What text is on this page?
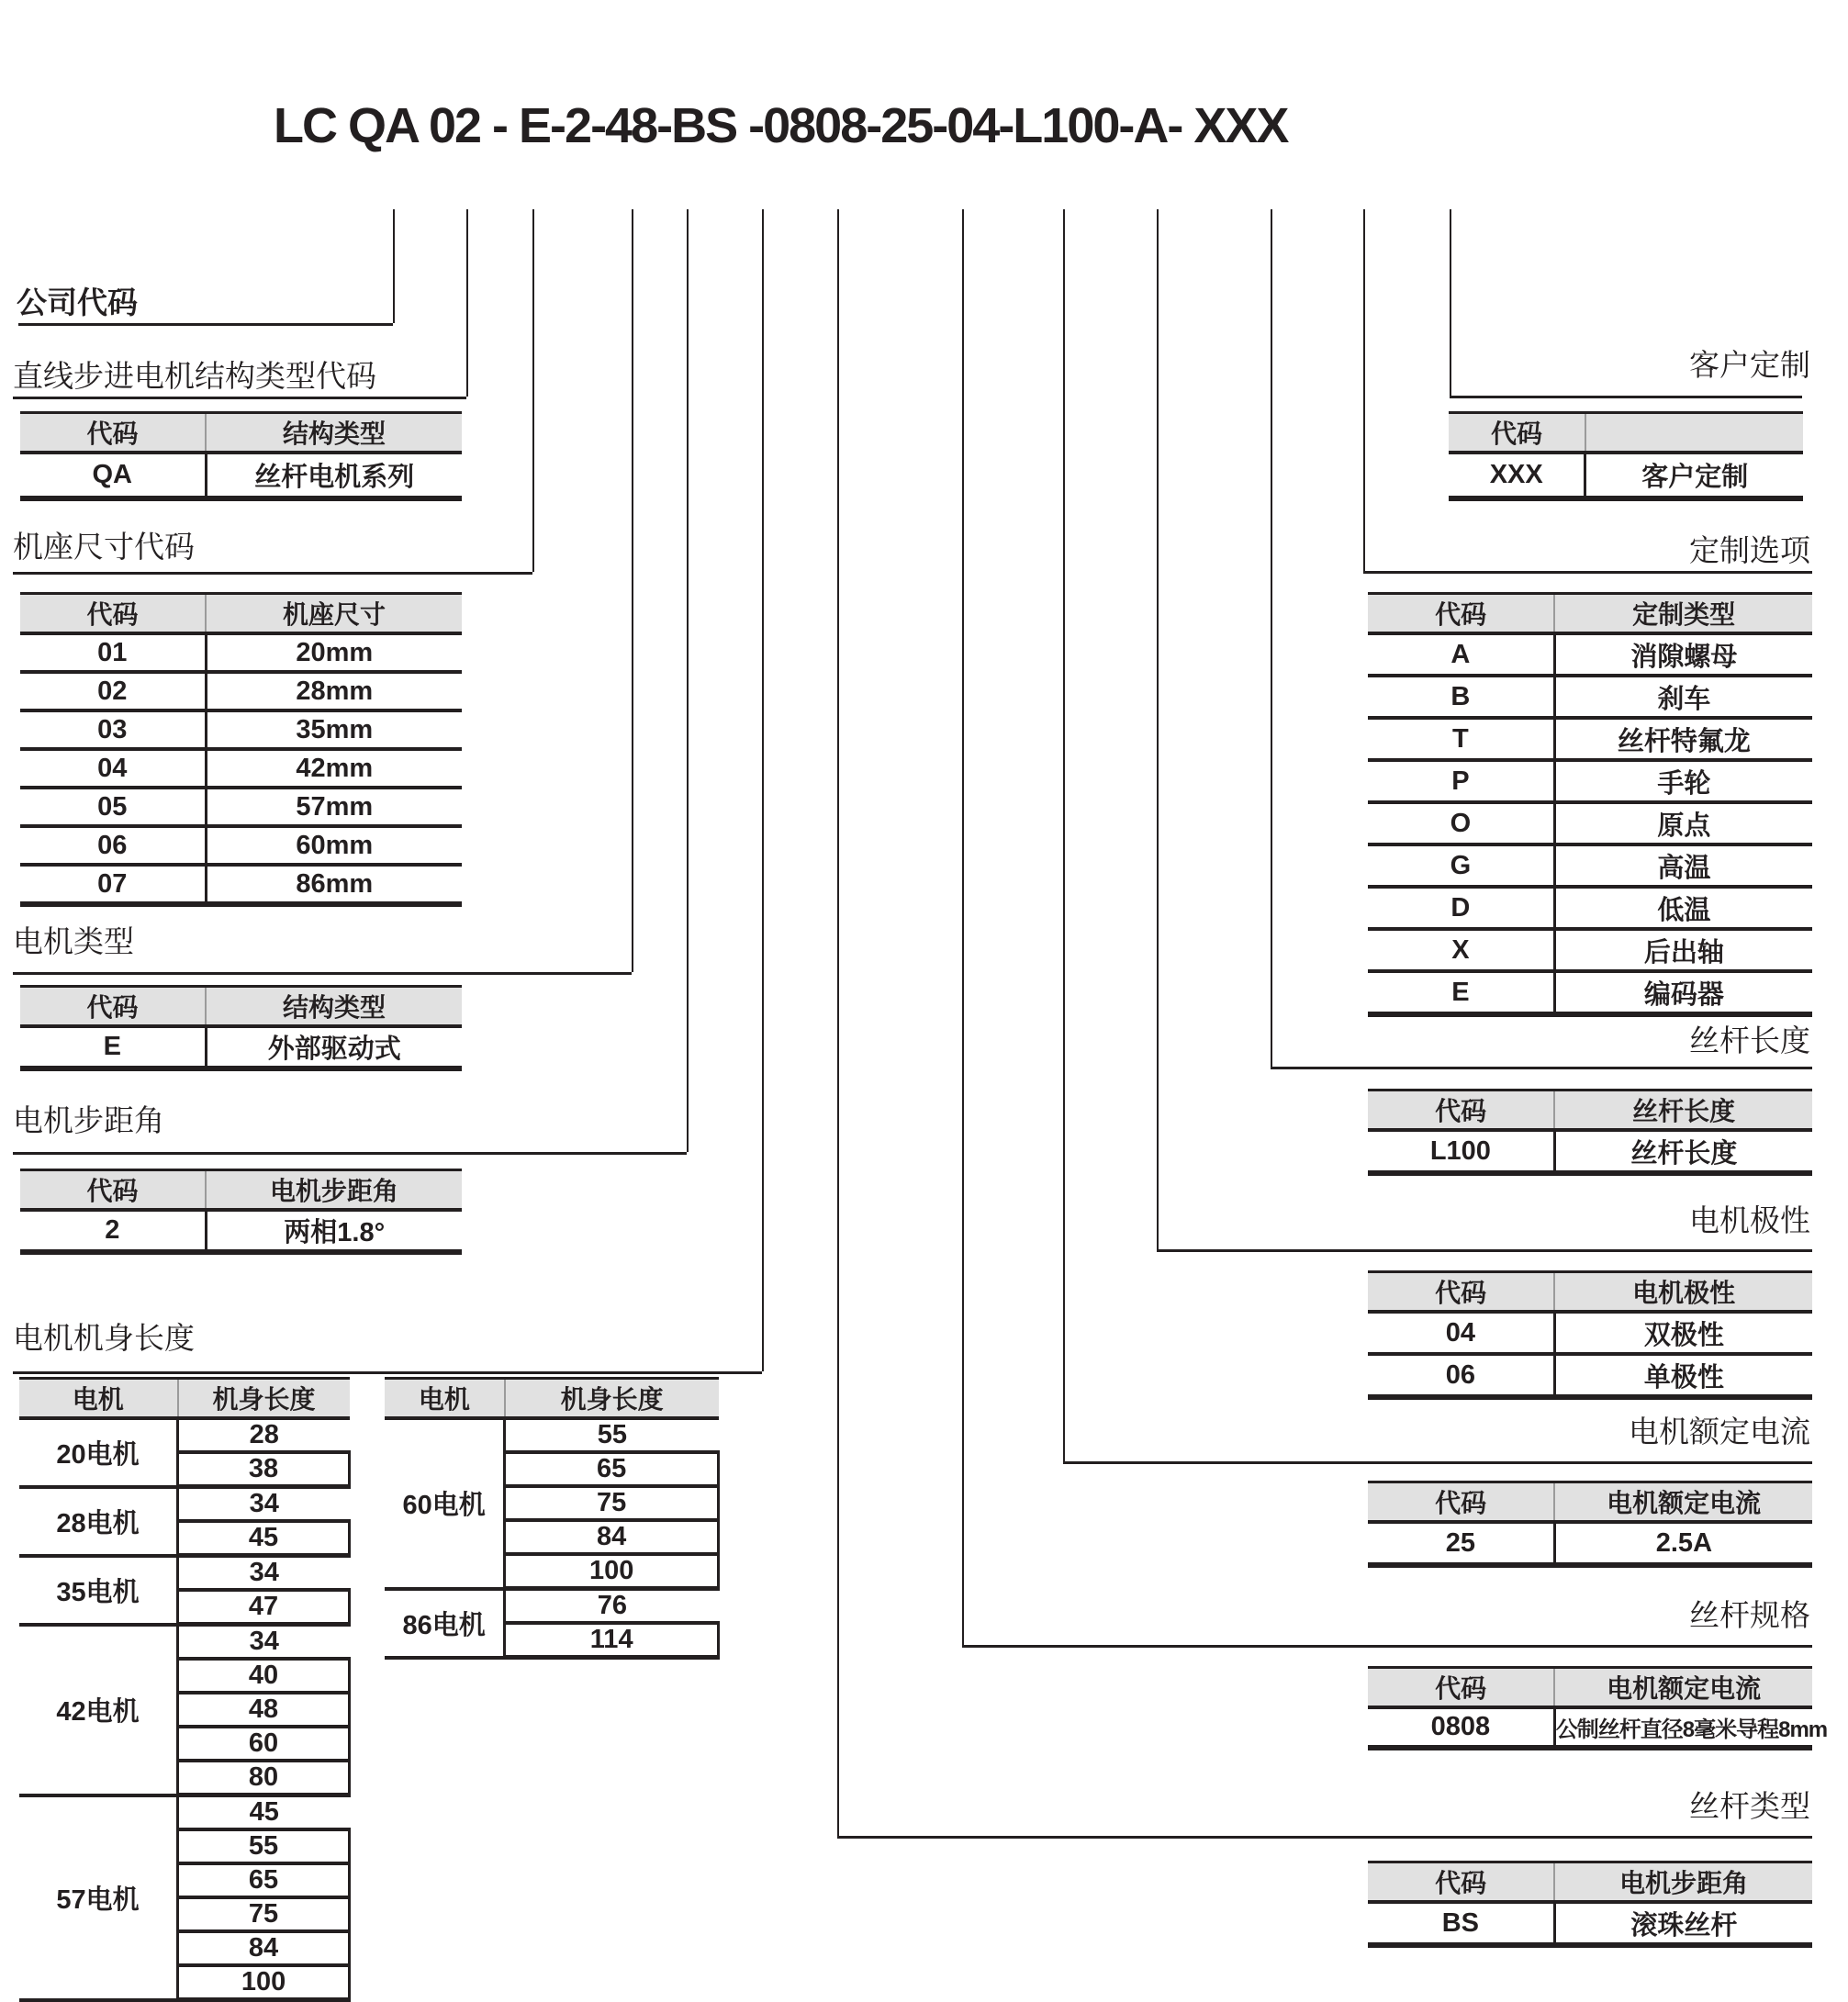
LC QA 02 - E-2-48-BS -0808-25-04-L100-A- XXX
公司代码
直线步进电机结构类型代码
机座尺寸代码
电机类型
电机步距角
电机机身长度
客户定制
定制选项
丝杆长度
电机极性
电机额定电流
丝杆规格
丝杆类型
代码	结构类型
QA	丝杆电机系列
代码	机座尺寸
01	20mm
02	28mm
03	35mm
04	42mm
05	57mm
06	60mm
07	86mm
代码	结构类型
E	外部驱动式
代码	电机步距角
2	两相1.8°
电机	机身长度
20电机	28
	38
28电机	34
	45
35电机	34
	47
42电机	34
	40
	48
	60
	80
57电机	45
	55
	65
	75
	84
	100
电机	机身长度
60电机	55
	65
	75
	84
	100
86电机	76
	114
代码	
XXX	客户定制
代码	定制类型
A	消隙螺母
B	刹车
T	丝杆特氟龙
P	手轮
O	原点
G	高温
D	低温
X	后出轴
E	编码器
代码	丝杆长度
L100	丝杆长度
代码	电机极性
04	双极性
06	单极性
代码	电机额定电流
25	2.5A
代码	电机额定电流
0808	公制丝杆直径8毫米导程8mm
代码	电机步距角
BS	滚珠丝杆
